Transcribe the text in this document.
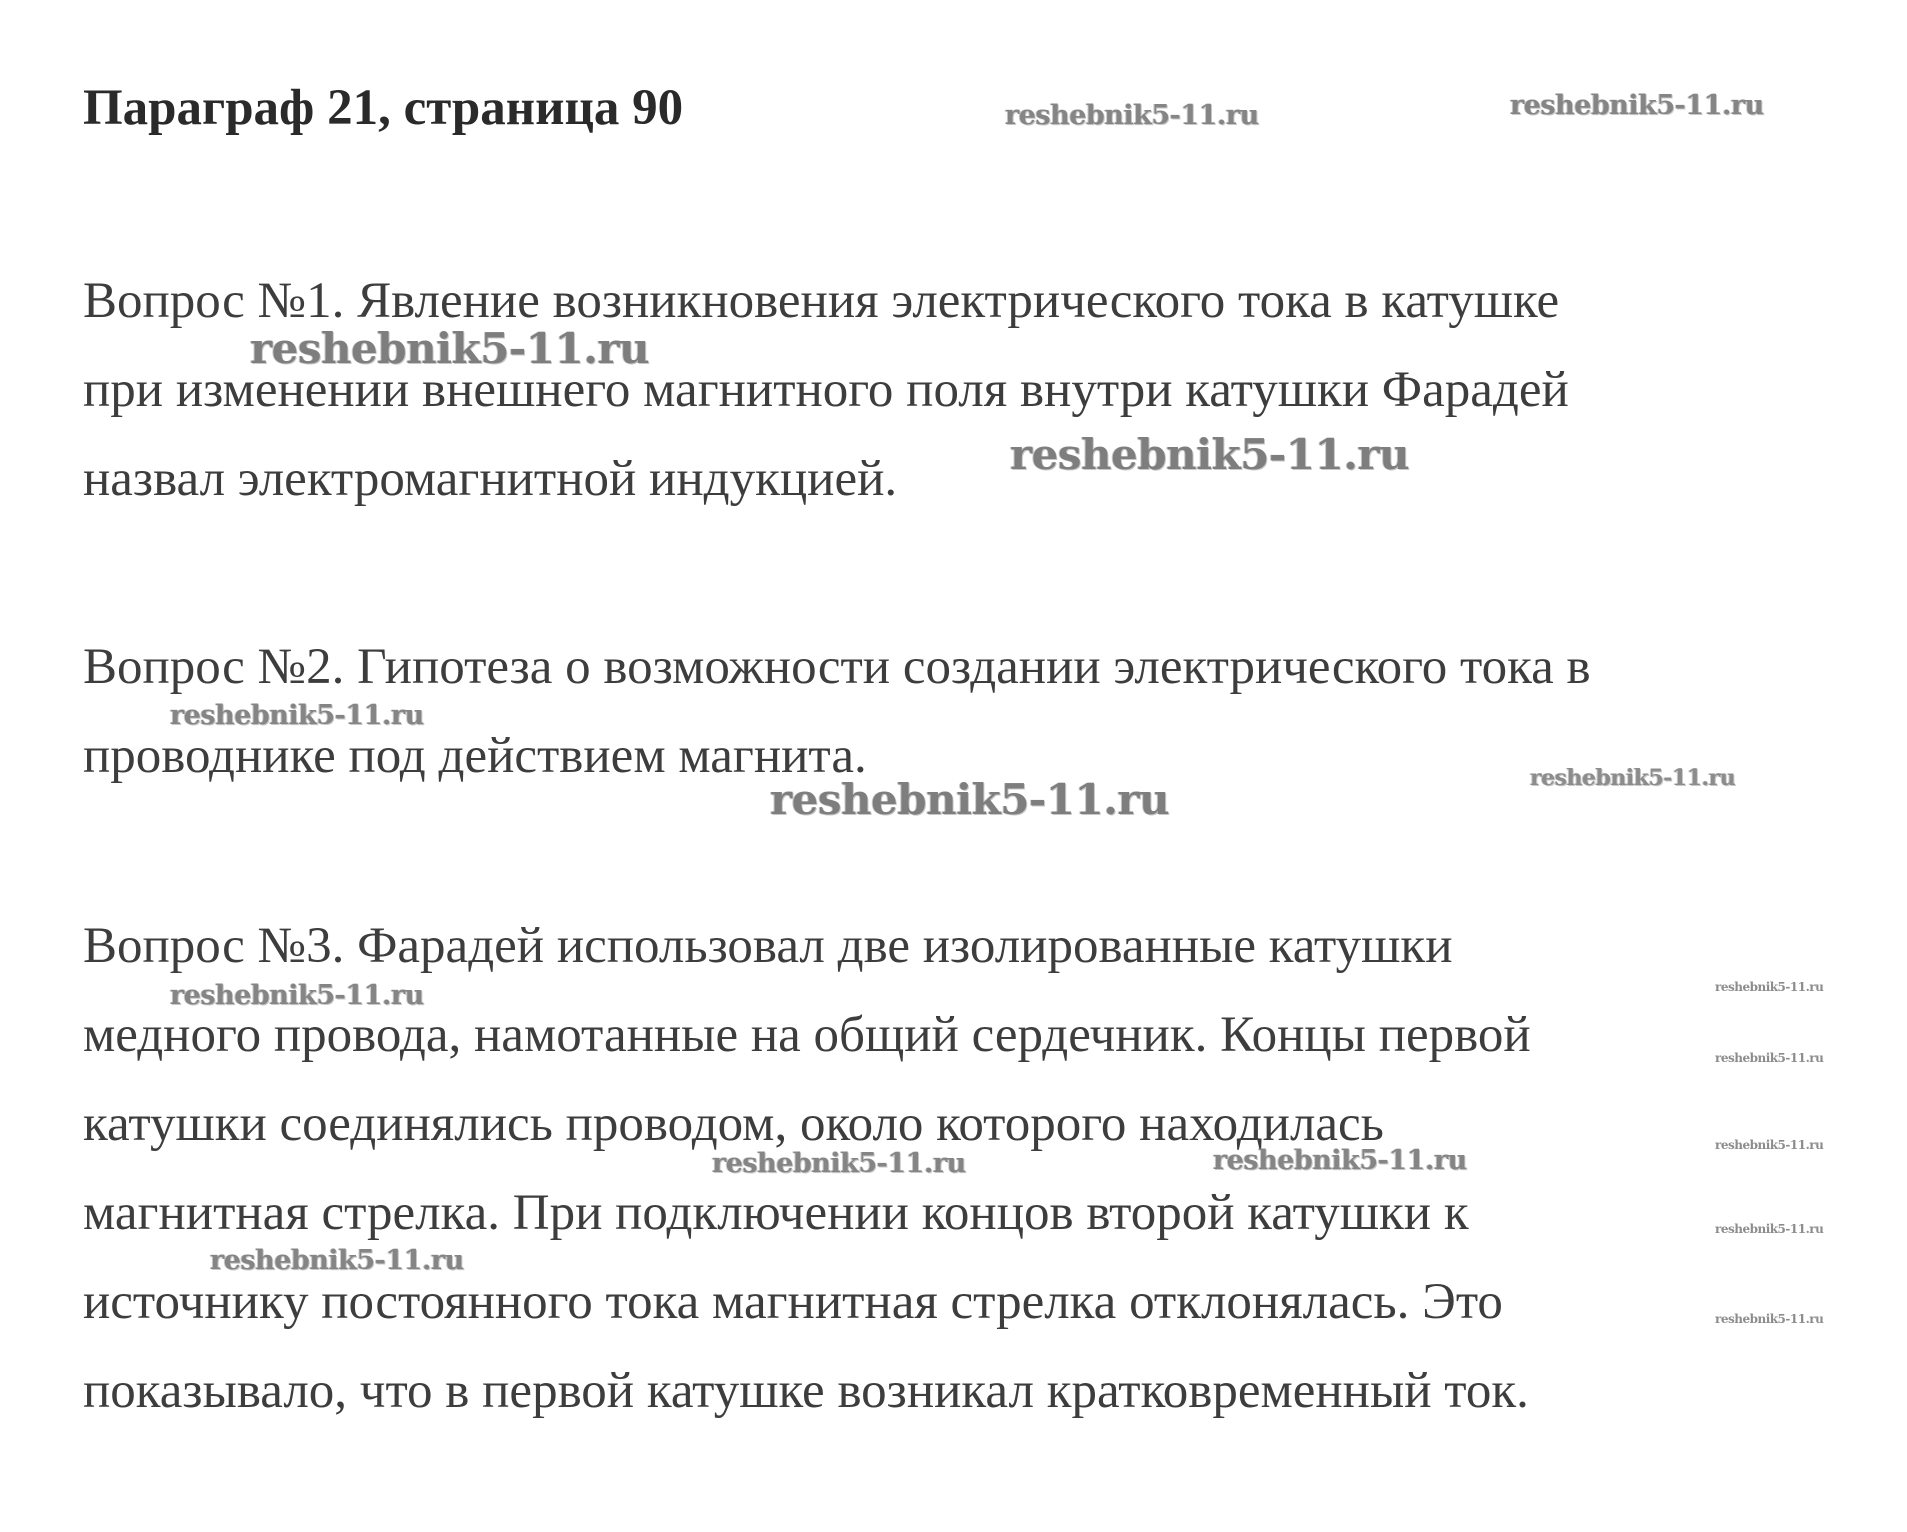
Параграф 21, страница 90
Вопрос №1. Явление возникновения электрического тока в катушке
при изменении внешнего магнитного поля внутри катушки Фарадей
назвал электромагнитной индукцией.
Вопрос №2. Гипотеза о возможности создании электрического тока в
проводнике под действием магнита.
Вопрос №3. Фарадей использовал две изолированные катушки
медного провода, намотанные на общий сердечник. Концы первой
катушки соединялись проводом, около которого находилась
магнитная стрелка. При подключении концов второй катушки к
источнику постоянного тока магнитная стрелка отклонялась. Это
показывало, что в первой катушке возникал кратковременный ток.
reshebnik5-11.ru	reshebnik5-11.ru
reshebnik5-11.ru
reshebnik5-11.ru
reshebnik5-11.ru
reshebnik5-11.ru
reshebnik5-11.ru
reshebnik5-11.ru
reshebnik5-11.ru
reshebnik5-11.ru
reshebnik5-11.ru
reshebnik5-11.ru	reshebnik5-11.ru
reshebnik5-11.ru
reshebnik5-11.ru
reshebnik5-11.ru
